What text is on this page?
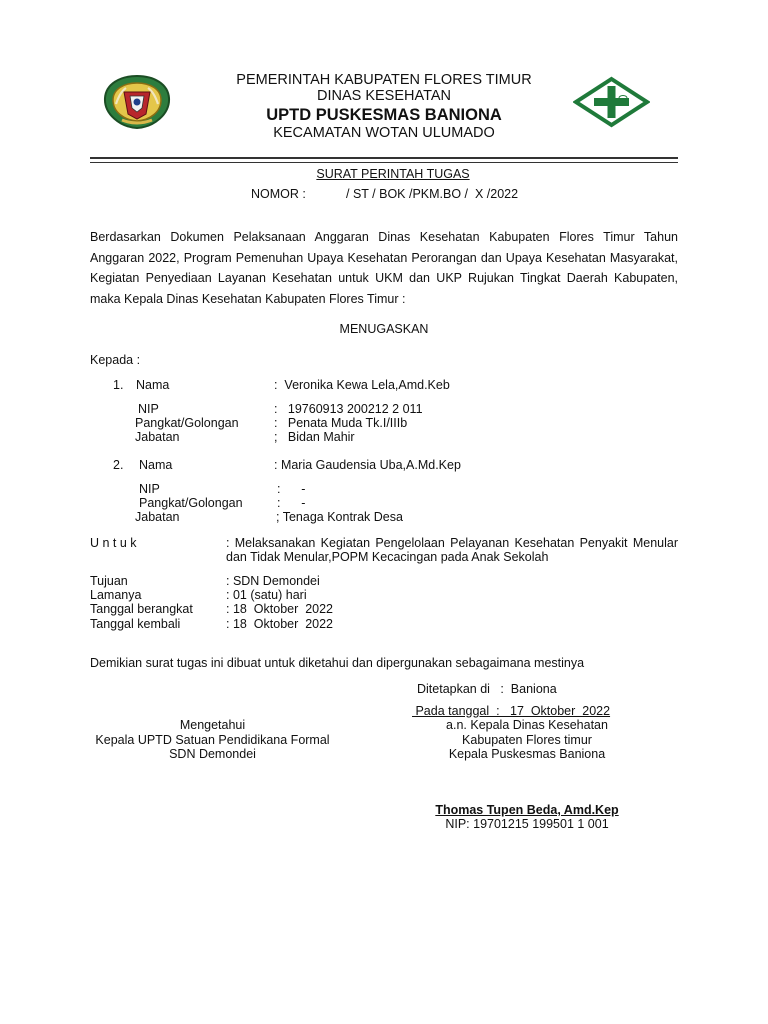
PEMERINTAH KABUPATEN FLORES TIMUR
DINAS KESEHATAN
UPTD PUSKESMAS BANIONA
KECAMATAN WOTAN ULUMADO
SURAT PERINTAH TUGAS
NOMOR :	/ ST / BOK /PKM.BO /  X /2022
Berdasarkan Dokumen Pelaksanaan Anggaran Dinas Kesehatan Kabupaten Flores Timur Tahun Anggaran 2022, Program Pemenuhan Upaya Kesehatan Perorangan dan Upaya Kesehatan Masyarakat, Kegiatan Penyediaan Layanan Kesehatan untuk UKM dan UKP Rujukan Tingkat Daerah Kabupaten, maka Kepala Dinas Kesehatan Kabupaten Flores Timur :
MENUGASKAN
Kepada :
1. Nama	:  Veronika Kewa Lela,Amd.Keb
NIP	:   19760913 200212 2 011
Pangkat/Golongan	:   Penata Muda Tk.I/IIIb
Jabatan	;   Bidan Mahir
2. Nama	: Maria Gaudensia Uba,A.Md.Kep
NIP	:      -
Pangkat/Golongan	:      -
Jabatan	; Tenaga Kontrak Desa
U n t u k	: Melaksanakan Kegiatan Pengelolaan Pelayanan Kesehatan Penyakit Menular
dan Tidak Menular,POPM Kecacingan pada Anak Sekolah
Tujuan	: SDN Demondei
Lamanya	: 01 (satu) hari
Tanggal berangkat	: 18  Oktober  2022
Tanggal kembali	: 18  Oktober  2022
Demikian surat tugas ini dibuat untuk diketahui dan dipergunakan sebagaimana mestinya
Ditetapkan di   :  Baniona
Pada tanggal  :   17  Oktober  2022
Mengetahui
Kepala UPTD Satuan Pendidikana Formal
SDN Demondei
a.n. Kepala Dinas Kesehatan
Kabupaten Flores timur
Kepala Puskesmas Baniona
Thomas Tupen Beda, Amd.Kep
NIP: 19701215 199501 1 001
